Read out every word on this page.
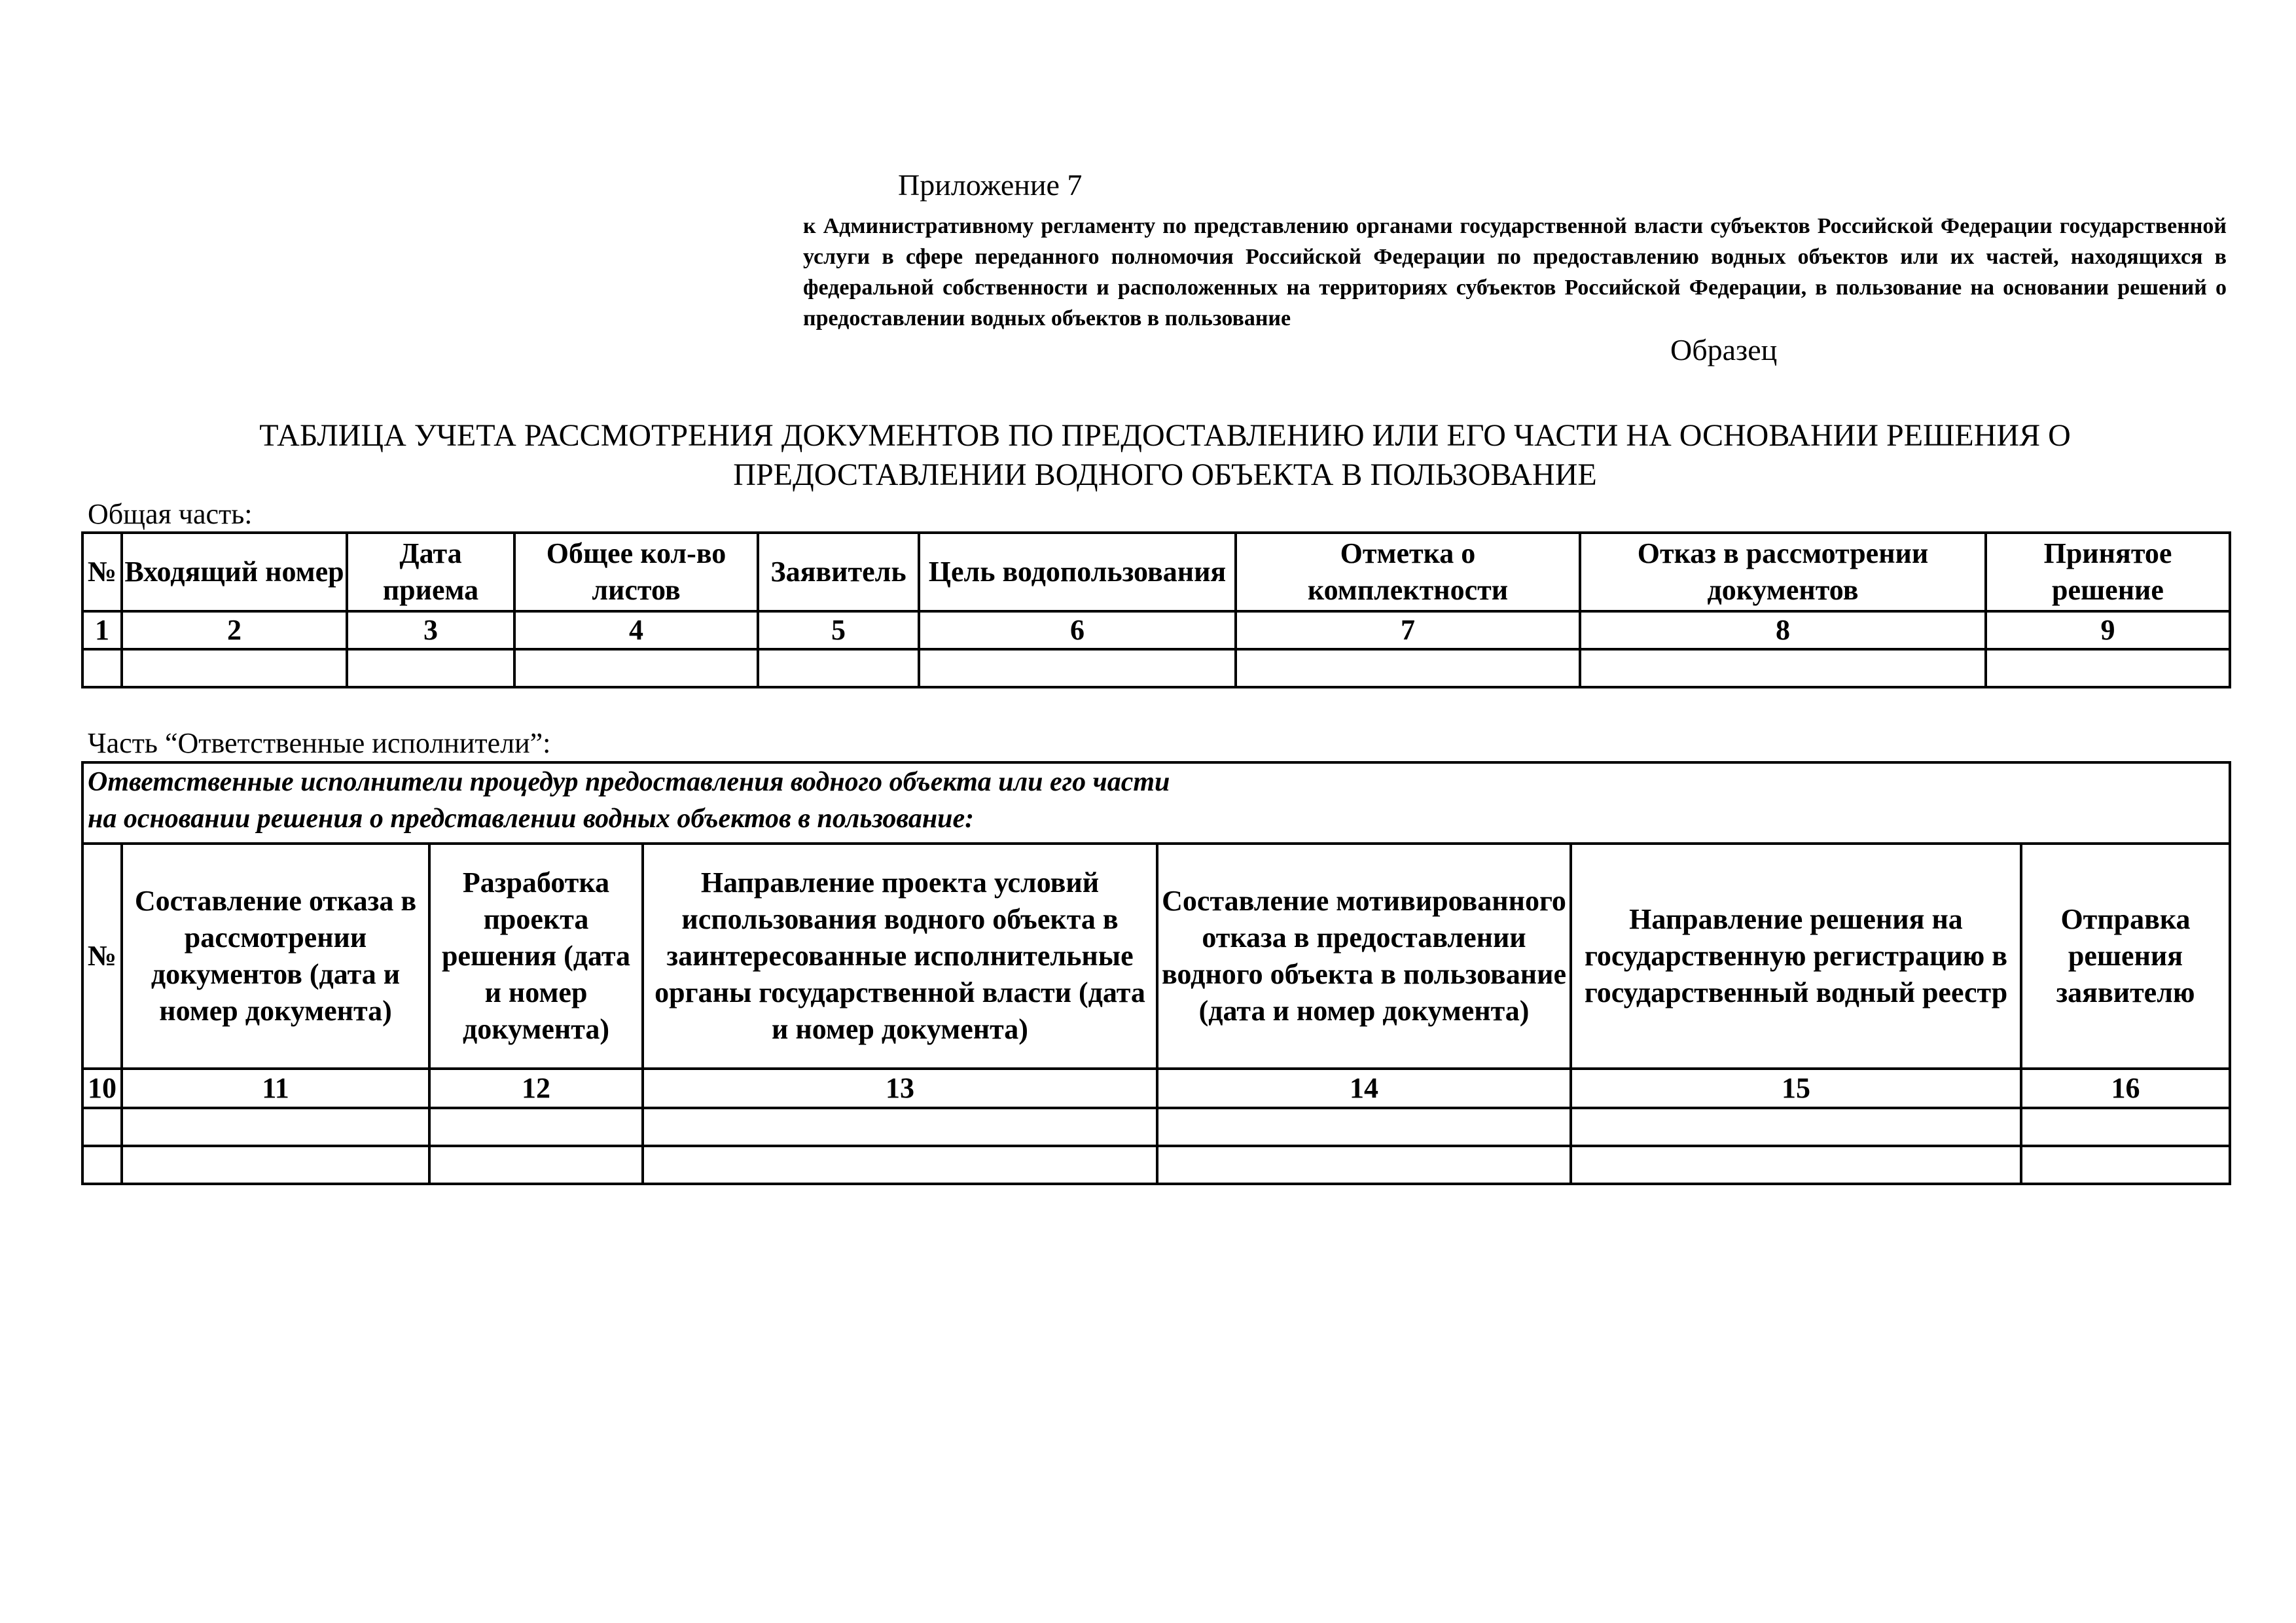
Приложение 7
к Административному регламенту по представлению органами государственной власти субъектов Российской Федерации государственной услуги в сфере переданного полномочия Российской Федерации по предоставлению водных объектов или их частей, находящихся в федеральной собственности и расположенных на территориях субъектов Российской Федерации, в пользование на основании решений о предоставлении водных объектов в пользование
Образец
ТАБЛИЦА УЧЕТА РАССМОТРЕНИЯ ДОКУМЕНТОВ ПО ПРЕДОСТАВЛЕНИЮ ИЛИ ЕГО ЧАСТИ НА ОСНОВАНИИ РЕШЕНИЯ О
ПРЕДОСТАВЛЕНИИ ВОДНОГО ОБЪЕКТА В ПОЛЬЗОВАНИЕ
Общая часть:
№	Входящий номер	Дата приема	Общее кол-во листов	Заявитель	Цель водопользования	Отметка о комплектности	Отказ в рассмотрении документов	Принятое решение
1	2	3	4	5	6	7	8	9

Часть “Ответственные исполнители”:
Ответственные исполнители процедур предоставления водного объекта или его части
на основании решения о представлении водных объектов в пользование:						

№	Составление отказа в рассмотрении документов (дата и номер документа)	Разработка проекта решения (дата и номер документа)	Направление проекта условий использования водного объекта в заинтересованные исполнительные органы государственной власти (дата и номер документа)	Составление мотивированного отказа в предоставлении водного объекта в пользование (дата и номер документа)	Направление решения на государственную регистрацию в государственный водный реестр	Отправка решения заявителю
10	11	12	13	14	15	16
